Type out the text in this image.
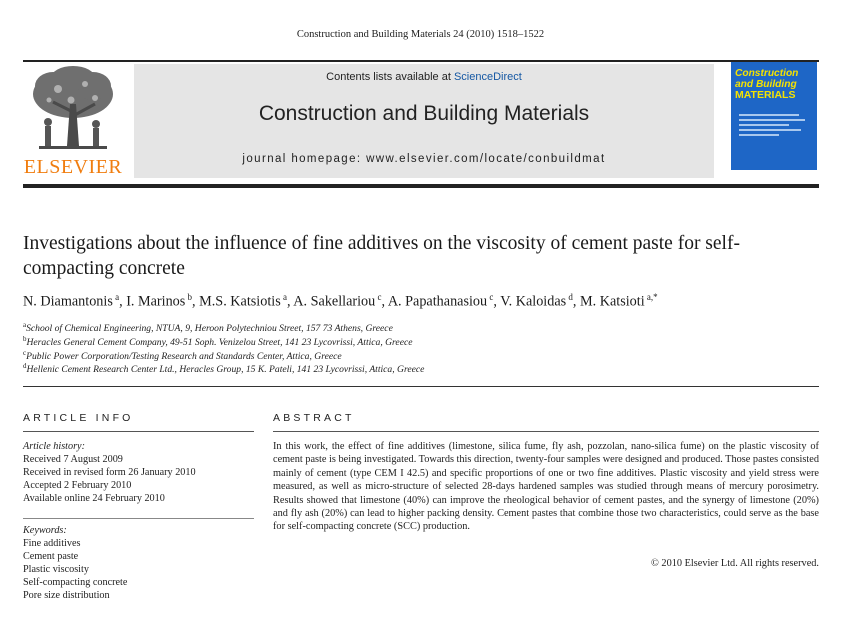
Construction and Building Materials 24 (2010) 1518–1522
ELSEVIER
Contents lists available at ScienceDirect
Construction and Building Materials
journal homepage: www.elsevier.com/locate/conbuildmat
Construction
and Building
MATERIALS
Investigations about the influence of fine additives on the viscosity of cement paste for self-compacting concrete
N. Diamantonis $^a$, I. Marinos $^b$, M.S. Katsiotis $^a$, A. Sakellariou $^c$, A. Papathanasiou $^c$, V. Kaloidas $^d$, M. Katsioti $^{a,*}$
$^a$School of Chemical Engineering, NTUA, 9, Heroon Polytechniou Street, 157 73 Athens, Greece
$^b$Heracles General Cement Company, 49-51 Soph. Venizelou Street, 141 23 Lycovrissi, Attica, Greece
$^c$Public Power Corporation/Testing Research and Standards Center, Attica, Greece
$^d$Hellenic Cement Research Center Ltd., Heracles Group, 15 K. Pateli, 141 23 Lycovrissi, Attica, Greece
ARTICLE INFO	ABSTRACT
Article history:
Received 7 August 2009
Received in revised form 26 January 2010
Accepted 2 February 2010
Available online 24 February 2010
Keywords:
Fine additives
Cement paste
Plastic viscosity
Self-compacting concrete
Pore size distribution
In this work, the effect of fine additives (limestone, silica fume, fly ash, pozzolan, nano-silica fume) on the plastic viscosity of cement paste is being investigated. Towards this direction, twenty-four samples were designed and produced. Those pastes consisted mainly of cement (type CEM I 42.5) and specific proportions of one or two fine additives. Plastic viscosity and yield stress were measured, as well as micro-structure of selected 28-days hardened samples was studied through means of mercury porosimetry. Results showed that limestone (40%) can improve the rheological behavior of cement pastes, and the synergy of limestone (20%) and fly ash (20%) can lead to higher packing density. Cement pastes that combine those two characteristics, could serve as the base for self-compacting concrete (SCC) production.
© 2010 Elsevier Ltd. All rights reserved.
